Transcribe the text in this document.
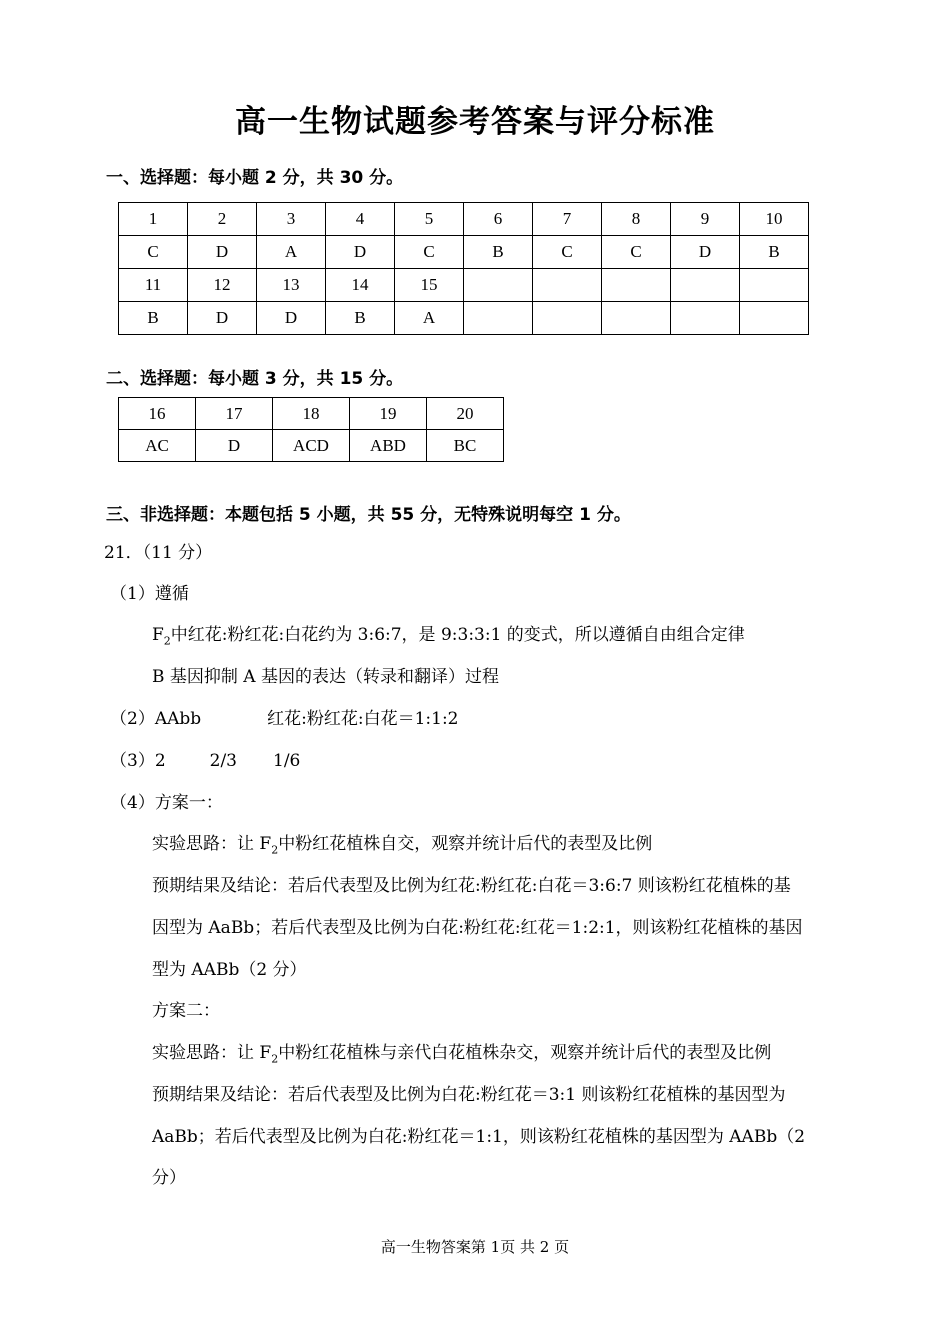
高一生物试题参考答案与评分标准
一、选择题：每小题 2 分，共 30 分。
1	2	3	4	5	6	7	8	9	10
C	D	A	D	C	B	C	C	D	B
11	12	13	14	15					
B	D	D	B	A					
二、选择题：每小题 3 分，共 15 分。
16	17	18	19	20
AC	D	ACD	ABD	BC
三、非选择题：本题包括 5 小题，共 55 分，无特殊说明每空 1 分。
21．（11 分）
（1）遵循
$F_2$中红花:粉红花:白花约为 3:6:7，是 9:3:3:1 的变式，所以遵循自由组合定律
B 基因抑制 A 基因的表达（转录和翻译）过程
（2）AAbb	红花:粉红花:白花＝1:1:2
（3）2	2/3 1/6
（4）方案一：
实验思路：让 $F_2$中粉红花植株自交，观察并统计后代的表型及比例
预期结果及结论：若后代表型及比例为红花:粉红花:白花＝3:6:7 则该粉红花植株的基
因型为 AaBb；若后代表型及比例为白花:粉红花:红花＝1:2:1，则该粉红花植株的基因
型为 AABb（2 分）
方案二：
实验思路：让 $F_2$中粉红花植株与亲代白花植株杂交，观察并统计后代的表型及比例
预期结果及结论：若后代表型及比例为白花:粉红花＝3:1 则该粉红花植株的基因型为
AaBb；若后代表型及比例为白花:粉红花＝1:1，则该粉红花植株的基因型为 AABb（2
分）
高一生物答案第 1页 共 2 页
